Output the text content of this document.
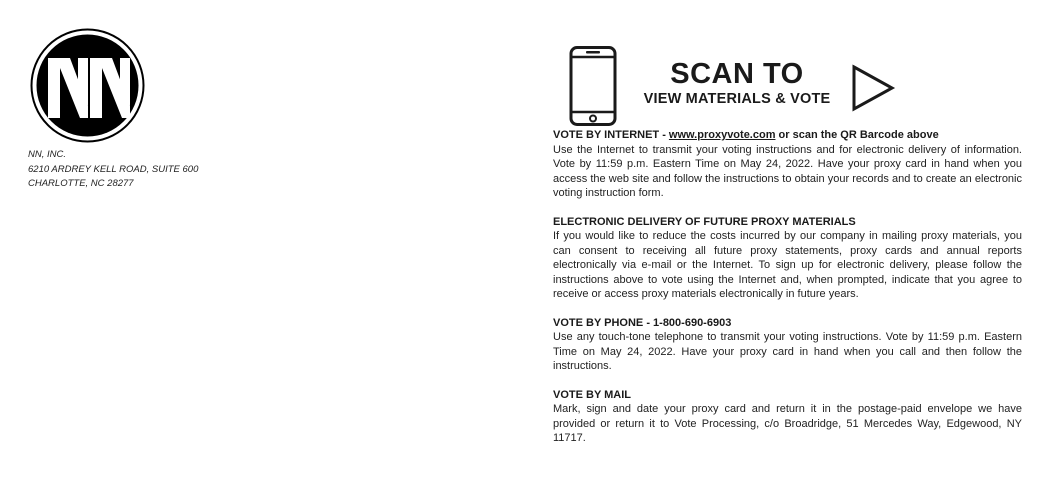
NN, INC.
6210 ARDREY KELL ROAD, SUITE 600
CHARLOTTE, NC 28277
SCAN TO
VIEW MATERIALS & VOTE
VOTE BY INTERNET - www.proxyvote.com or scan the QR Barcode above
Use the Internet to transmit your voting instructions and for electronic delivery of information. Vote by 11:59 p.m. Eastern Time on May 24, 2022. Have your proxy card in hand when you access the web site and follow the instructions to obtain your records and to create an electronic voting instruction form.
ELECTRONIC DELIVERY OF FUTURE PROXY MATERIALS
If you would like to reduce the costs incurred by our company in mailing proxy materials, you can consent to receiving all future proxy statements, proxy cards and annual reports electronically via e-mail or the Internet. To sign up for electronic delivery, please follow the instructions above to vote using the Internet and, when prompted, indicate that you agree to receive or access proxy materials electronically in future years.
VOTE BY PHONE - 1-800-690-6903
Use any touch-tone telephone to transmit your voting instructions. Vote by 11:59 p.m. Eastern Time on May 24, 2022. Have your proxy card in hand when you call and then follow the instructions.
VOTE BY MAIL
Mark, sign and date your proxy card and return it in the postage-paid envelope we have provided or return it to Vote Processing, c/o Broadridge, 51 Mercedes Way, Edgewood, NY 11717.
